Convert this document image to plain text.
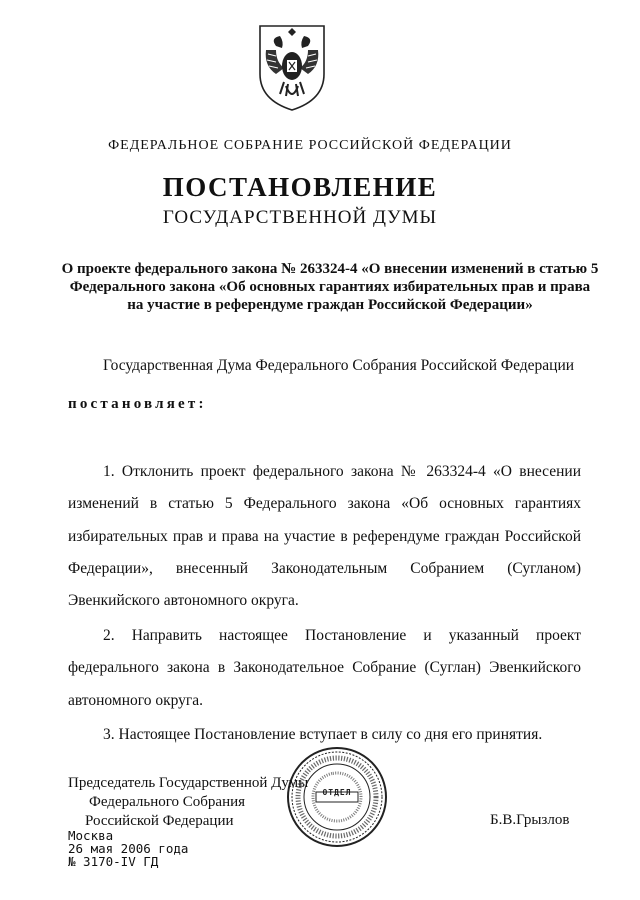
ФЕДЕРАЛЬНОЕ СОБРАНИЕ РОССИЙСКОЙ ФЕДЕРАЦИИ
ПОСТАНОВЛЕНИЕ
ГОСУДАРСТВЕННОЙ ДУМЫ
О проекте федерального закона № 263324-4 «О внесении изменений в статью 5 Федерального закона «Об основных гарантиях избирательных прав и права на участие в референдуме граждан Российской Федерации»
Государственная Дума Федерального Собрания Российской Федерации
постановляет:

1. Отклонить проект федерального закона № 263324-4 «О внесении изменений в статью 5 Федерального закона «Об основных гарантиях избирательных прав и права на участие в референдуме граждан Российской Федерации», внесенный Законодательным Собранием (Сугланом) Эвенкийского автономного округа.

2. Направить настоящее Постановление и указанный проект федерального закона в Законодательное Собрание (Суглан) Эвенкийского автономного округа.

3. Настоящее Постановление вступает в силу со дня его принятия.

ОТДЕЛ
Председатель Государственной Думы
Федерального Собрания
Российской Федерации	Б.В.Грызлов
Москва
26 мая 2006 года
№ 3170-IV ГД
